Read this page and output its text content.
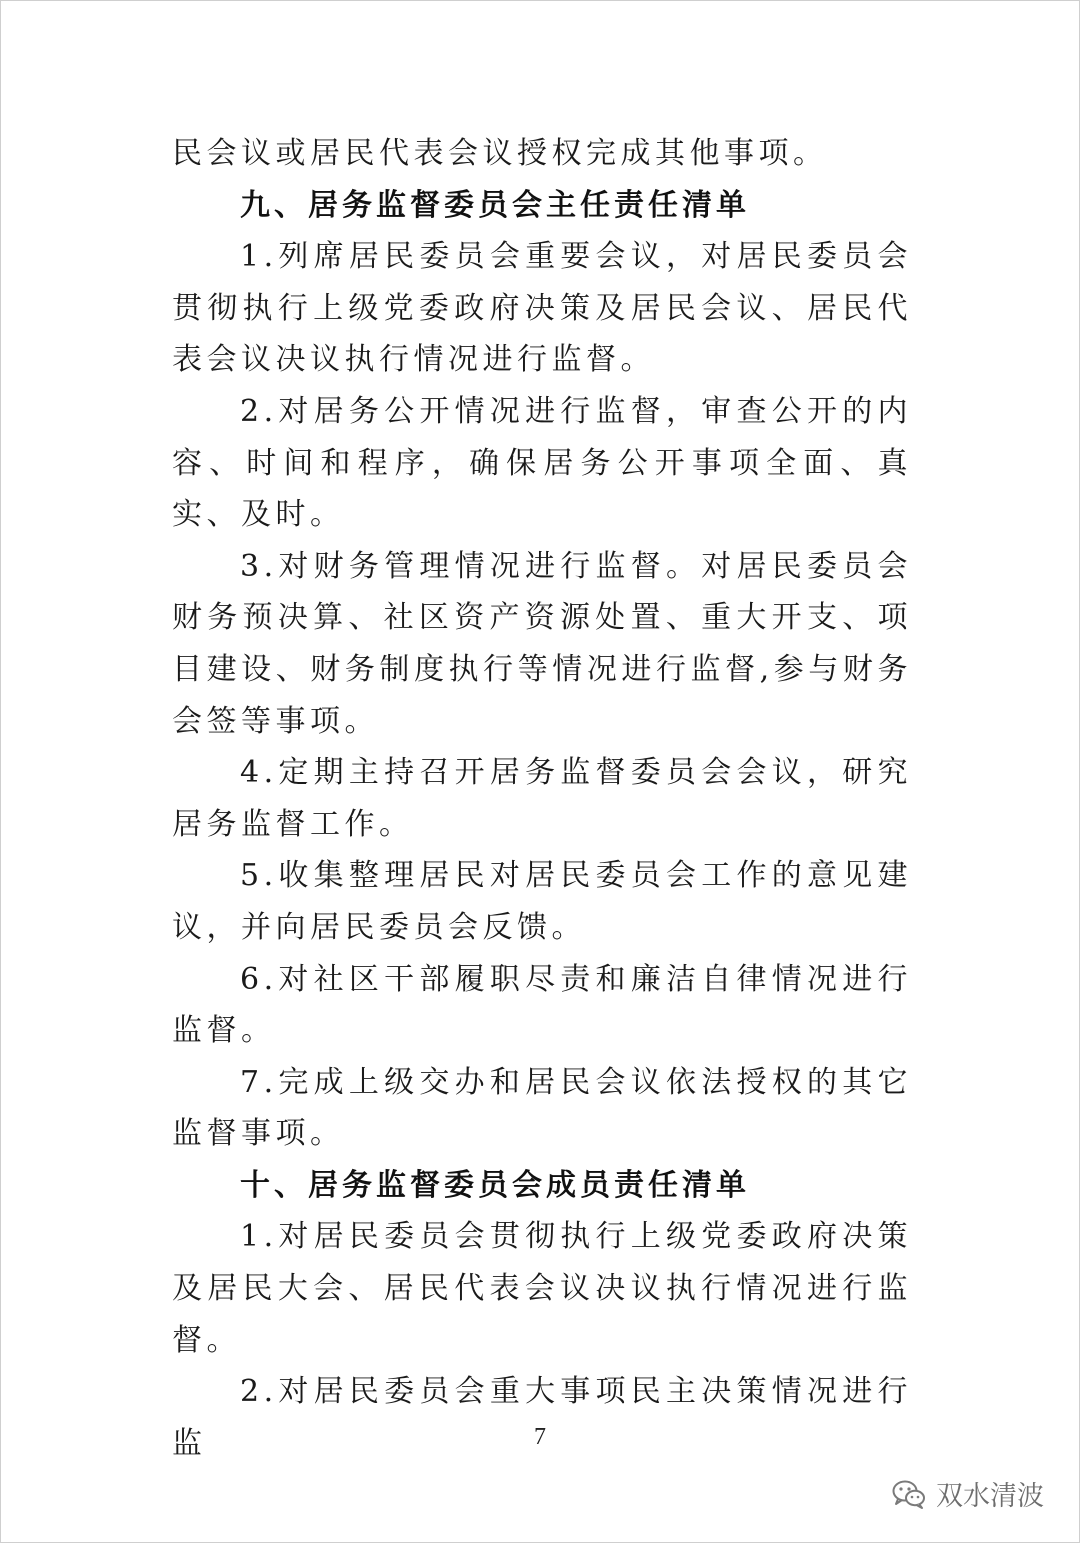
民会议或居民代表会议授权完成其他事项。

九、居务监督委员会主任责任清单

1.列席居民委员会重要会议，对居民委员会贯彻执行上级党委政府决策及居民会议、居民代表会议决议执行情况进行监督。

2.对居务公开情况进行监督，审查公开的内容、时间和程序，确保居务公开事项全面、真实、及时。

3.对财务管理情况进行监督。对居民委员会财务预决算、社区资产资源处置、重大开支、项目建设、财务制度执行等情况进行监督,参与财务会签等事项。

4.定期主持召开居务监督委员会会议，研究居务监督工作。

5.收集整理居民对居民委员会工作的意见建议，并向居民委员会反馈。

6.对社区干部履职尽责和廉洁自律情况进行监督。

7.完成上级交办和居民会议依法授权的其它监督事项。

十、居务监督委员会成员责任清单

1.对居民委员会贯彻执行上级党委政府决策及居民大会、居民代表会议决议执行情况进行监督。

2.对居民委员会重大事项民主决策情况进行监	7
双水清波
